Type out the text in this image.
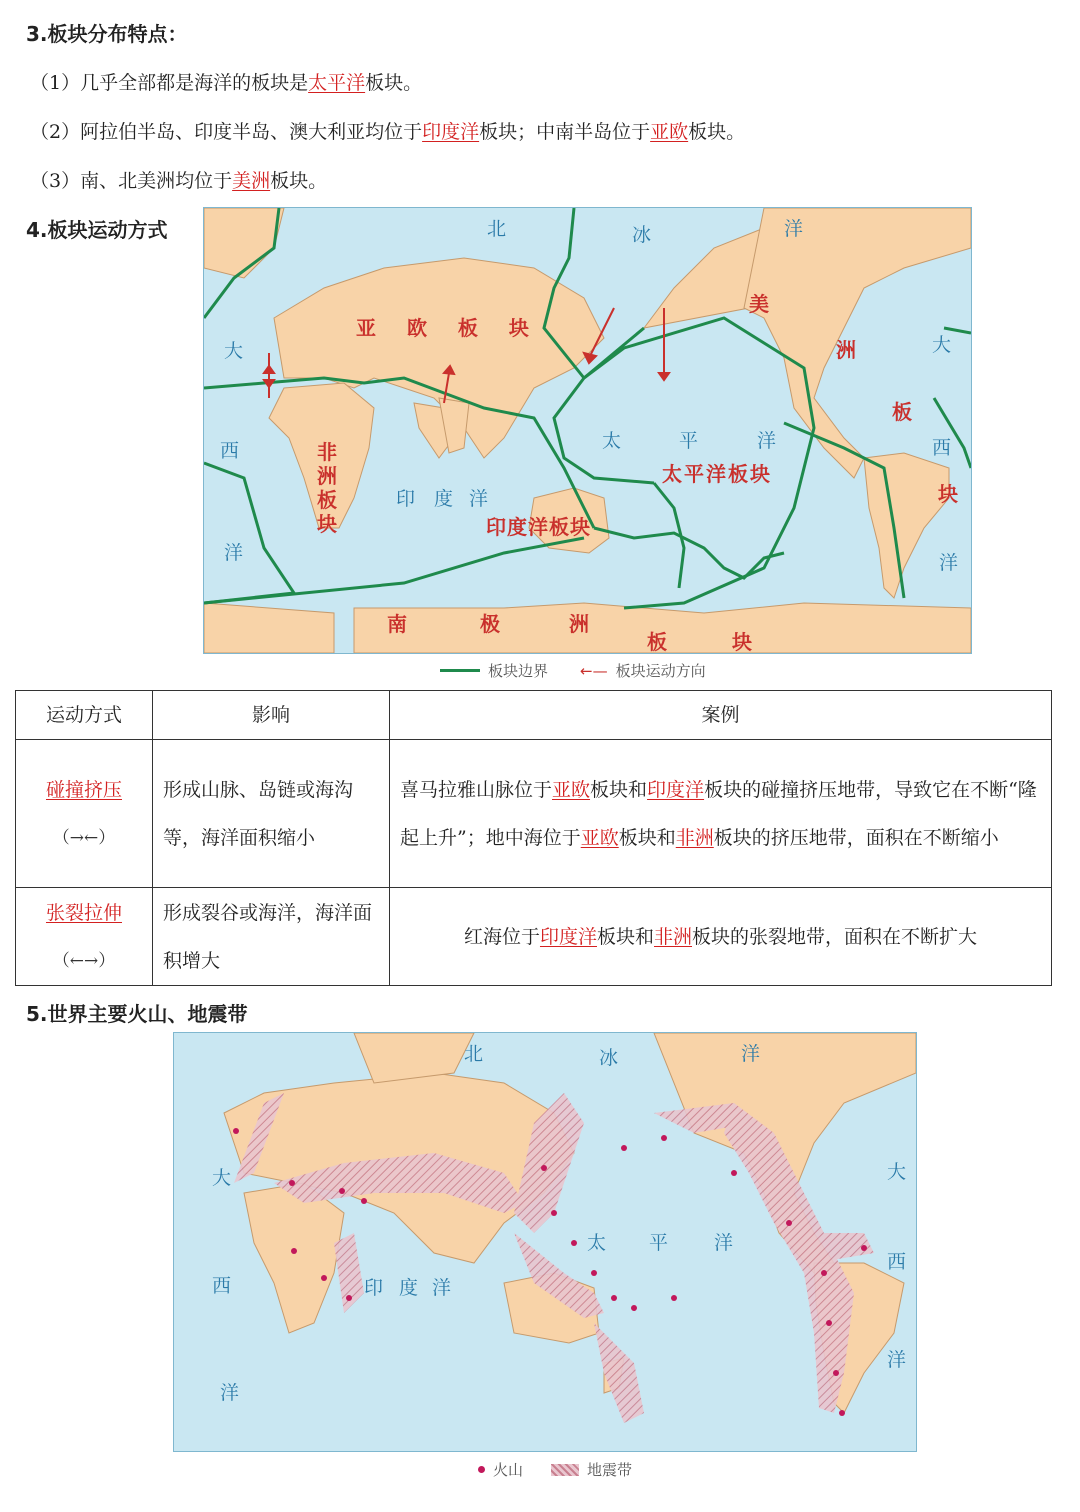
3.板块分布特点：
（1）几乎全部都是海洋的板块是太平洋板块。
（2）阿拉伯半岛、印度半岛、澳大利亚均位于印度洋板块；中南半岛位于亚欧板块。
（3）南、北美洲均位于美洲板块。
4.板块运动方式	北	冰	洋
大
西
洋
太	平	洋
印 度 洋
大
西
洋
亚 欧 板 块
非
洲
板
块	印度洋板块
太平洋板块
美
洲
板
块
南	极	洲
板	块
板块边界 ←— 板块运动方向
运动方式	影响	案例

碰撞挤压
（→←）	形成山脉、岛链或海沟等，海洋面积缩小	喜马拉雅山脉位于亚欧板块和印度洋板块的碰撞挤压地带，导致它在不断“隆起上升”；地中海位于亚欧板块和非洲板块的挤压地带，面积在不断缩小

张裂拉伸
（←→）	形成裂谷或海洋，海洋面积增大	红海位于印度洋板块和非洲板块的张裂地带，面积在不断扩大
5.世界主要火山、地震带
北	冰	洋
大
西
洋
太 平 洋
印 度 洋
大
西
洋
火山	地震带
